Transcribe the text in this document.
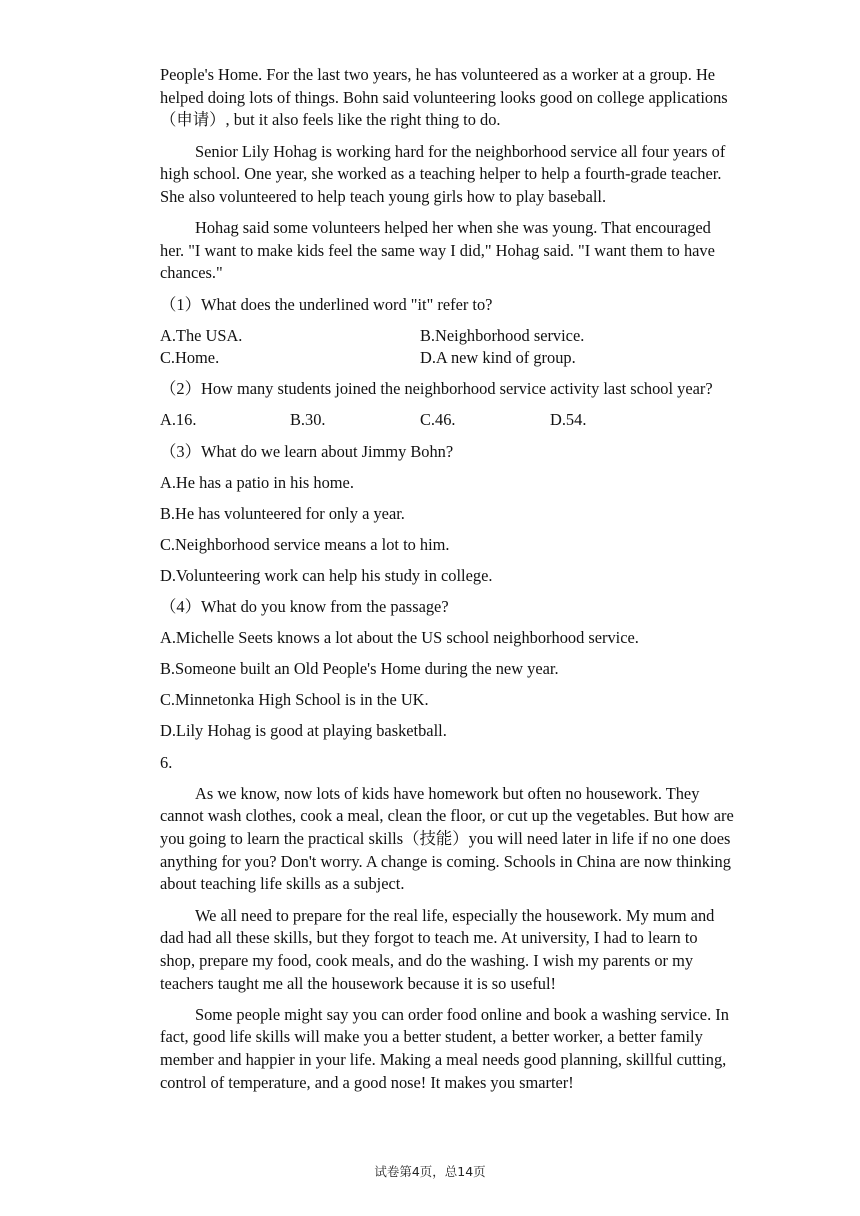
People's Home. For the last two years, he has volunteered as a worker at a group. He helped doing lots of things. Bohn said volunteering looks good on college applications（申请）, but it also feels like the right thing to do.

Senior Lily Hohag is working hard for the neighborhood service all four years of high school. One year, she worked as a teaching helper to help a fourth-grade teacher. She also volunteered to help teach young girls how to play baseball.

Hohag said some volunteers helped her when she was young. That encouraged her. "I want to make kids feel the same way I did," Hohag said. "I want them to have chances."

（1）What does the underlined word "it" refer to?

A.The USA.	B.Neighborhood service.
C.Home.	D.A new kind of group.

（2）How many students joined the neighborhood service activity last school year?

A.16.	B.30.	C.46.	D.54.

（3）What do we learn about Jimmy Bohn?

A.He has a patio in his home.

B.He has volunteered for only a year.

C.Neighborhood service means a lot to him.

D.Volunteering work can help his study in college.

（4）What do you know from the passage?

A.Michelle Seets knows a lot about the US school neighborhood service.

B.Someone built an Old People's Home during the new year.

C.Minnetonka High School is in the UK.

D.Lily Hohag is good at playing basketball.

6.

As we know, now lots of kids have homework but often no housework. They cannot wash clothes, cook a meal, clean the floor, or cut up the vegetables. But how are you going to learn the practical skills（技能）you will need later in life if no one does anything for you? Don't worry. A change is coming. Schools in China are now thinking about teaching life skills as a subject.

We all need to prepare for the real life, especially the housework. My mum and dad had all these skills, but they forgot to teach me. At university, I had to learn to shop, prepare my food, cook meals, and do the washing. I wish my parents or my teachers taught me all the housework because it is so useful!

Some people might say you can order food online and book a washing service. In fact, good life skills will make you a better student, a better worker, a better family member and happier in your life. Making a meal needs good planning, skillful cutting, control of temperature, and a good nose! It makes you smarter!

试卷第4页，总14页
